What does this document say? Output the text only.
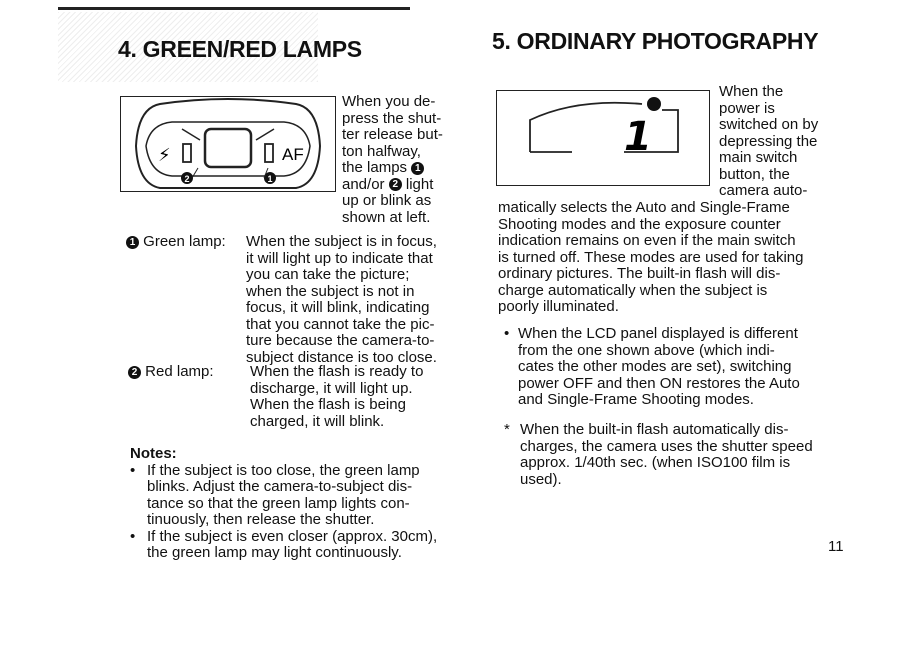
4. GREEN/RED LAMPS	5. ORDINARY PHOTOGRAPHY
⚡	AF
2	1
When you de-
press the shut-
ter release but-
ton halfway,
the lamps 1
and/or 2 light
up or blink as
shown at left.
1 Green lamp: When the subject is in focus,
it will light up to indicate that
you can take the picture;
when the subject is not in
focus, it will blink, indicating
that you cannot take the pic-
ture because the camera-to-
subject distance is too close.
2 Red lamp: When the flash is ready to
discharge, it will light up.
When the flash is being
charged, it will blink.
Notes:
• If the subject is too close, the green lamp
blinks. Adjust the camera-to-subject dis-
tance so that the green lamp lights con-
tinuously, then release the shutter.
• If the subject is even closer (approx. 30cm),
the green lamp may light continuously.
1
When the
power is
switched on by
depressing the
main switch
button, the
camera auto-
matically selects the Auto and Single-Frame
Shooting modes and the exposure counter
indication remains on even if the main switch
is turned off. These modes are used for taking
ordinary pictures. The built-in flash will dis-
charge automatically when the subject is
poorly illuminated.
• When the LCD panel displayed is different
from the one shown above (which indi-
cates the other modes are set), switching
power OFF and then ON restores the Auto
and Single-Frame Shooting modes.
* When the built-in flash automatically dis-
charges, the camera uses the shutter speed
approx. 1/40th sec. (when ISO100 film is
used).
11
